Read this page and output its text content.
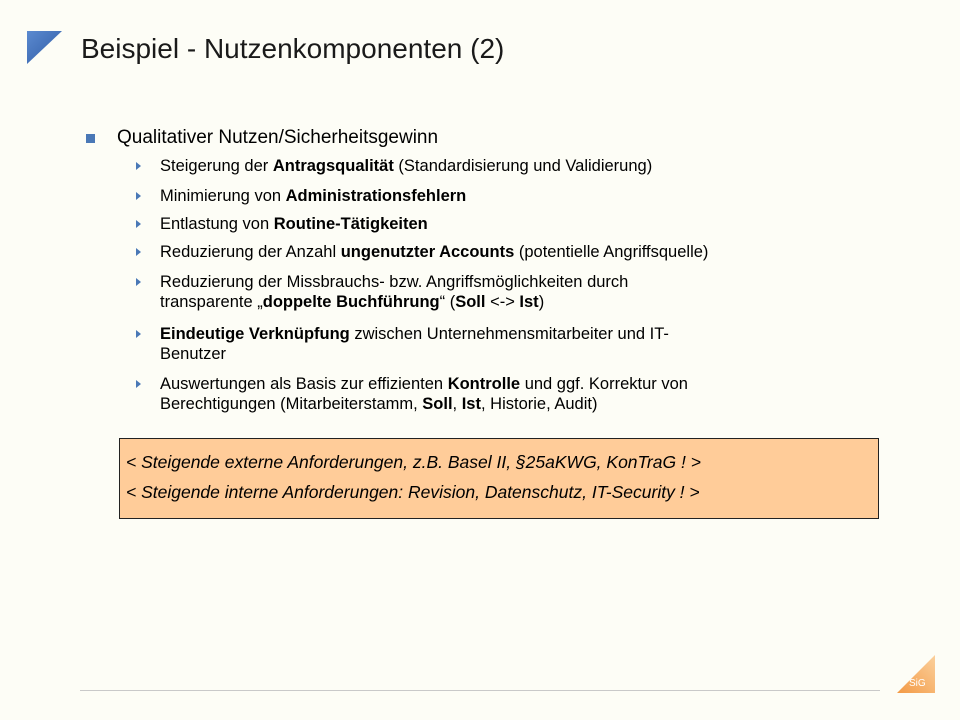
Beispiel - Nutzenkomponenten (2)
Qualitativer Nutzen/Sicherheitsgewinn
Steigerung der Antragsqualität (Standardisierung und Validierung)
Minimierung von Administrationsfehlern
Entlastung von Routine-Tätigkeiten
Reduzierung der Anzahl ungenutzter Accounts (potentielle Angriffsquelle)
Reduzierung der Missbrauchs- bzw. Angriffsmöglichkeiten durch
transparente „doppelte Buchführung“ (Soll <-> Ist)
Eindeutige Verknüpfung zwischen Unternehmensmitarbeiter und IT-
Benutzer
Auswertungen als Basis zur effizienten Kontrolle und ggf. Korrektur von
Berechtigungen (Mitarbeiterstamm, Soll, Ist, Historie, Audit)
< Steigende externe Anforderungen, z.B. Basel II, §25aKWG, KonTraG ! >
< Steigende interne Anforderungen: Revision, Datenschutz, IT-Security ! >
SiG
